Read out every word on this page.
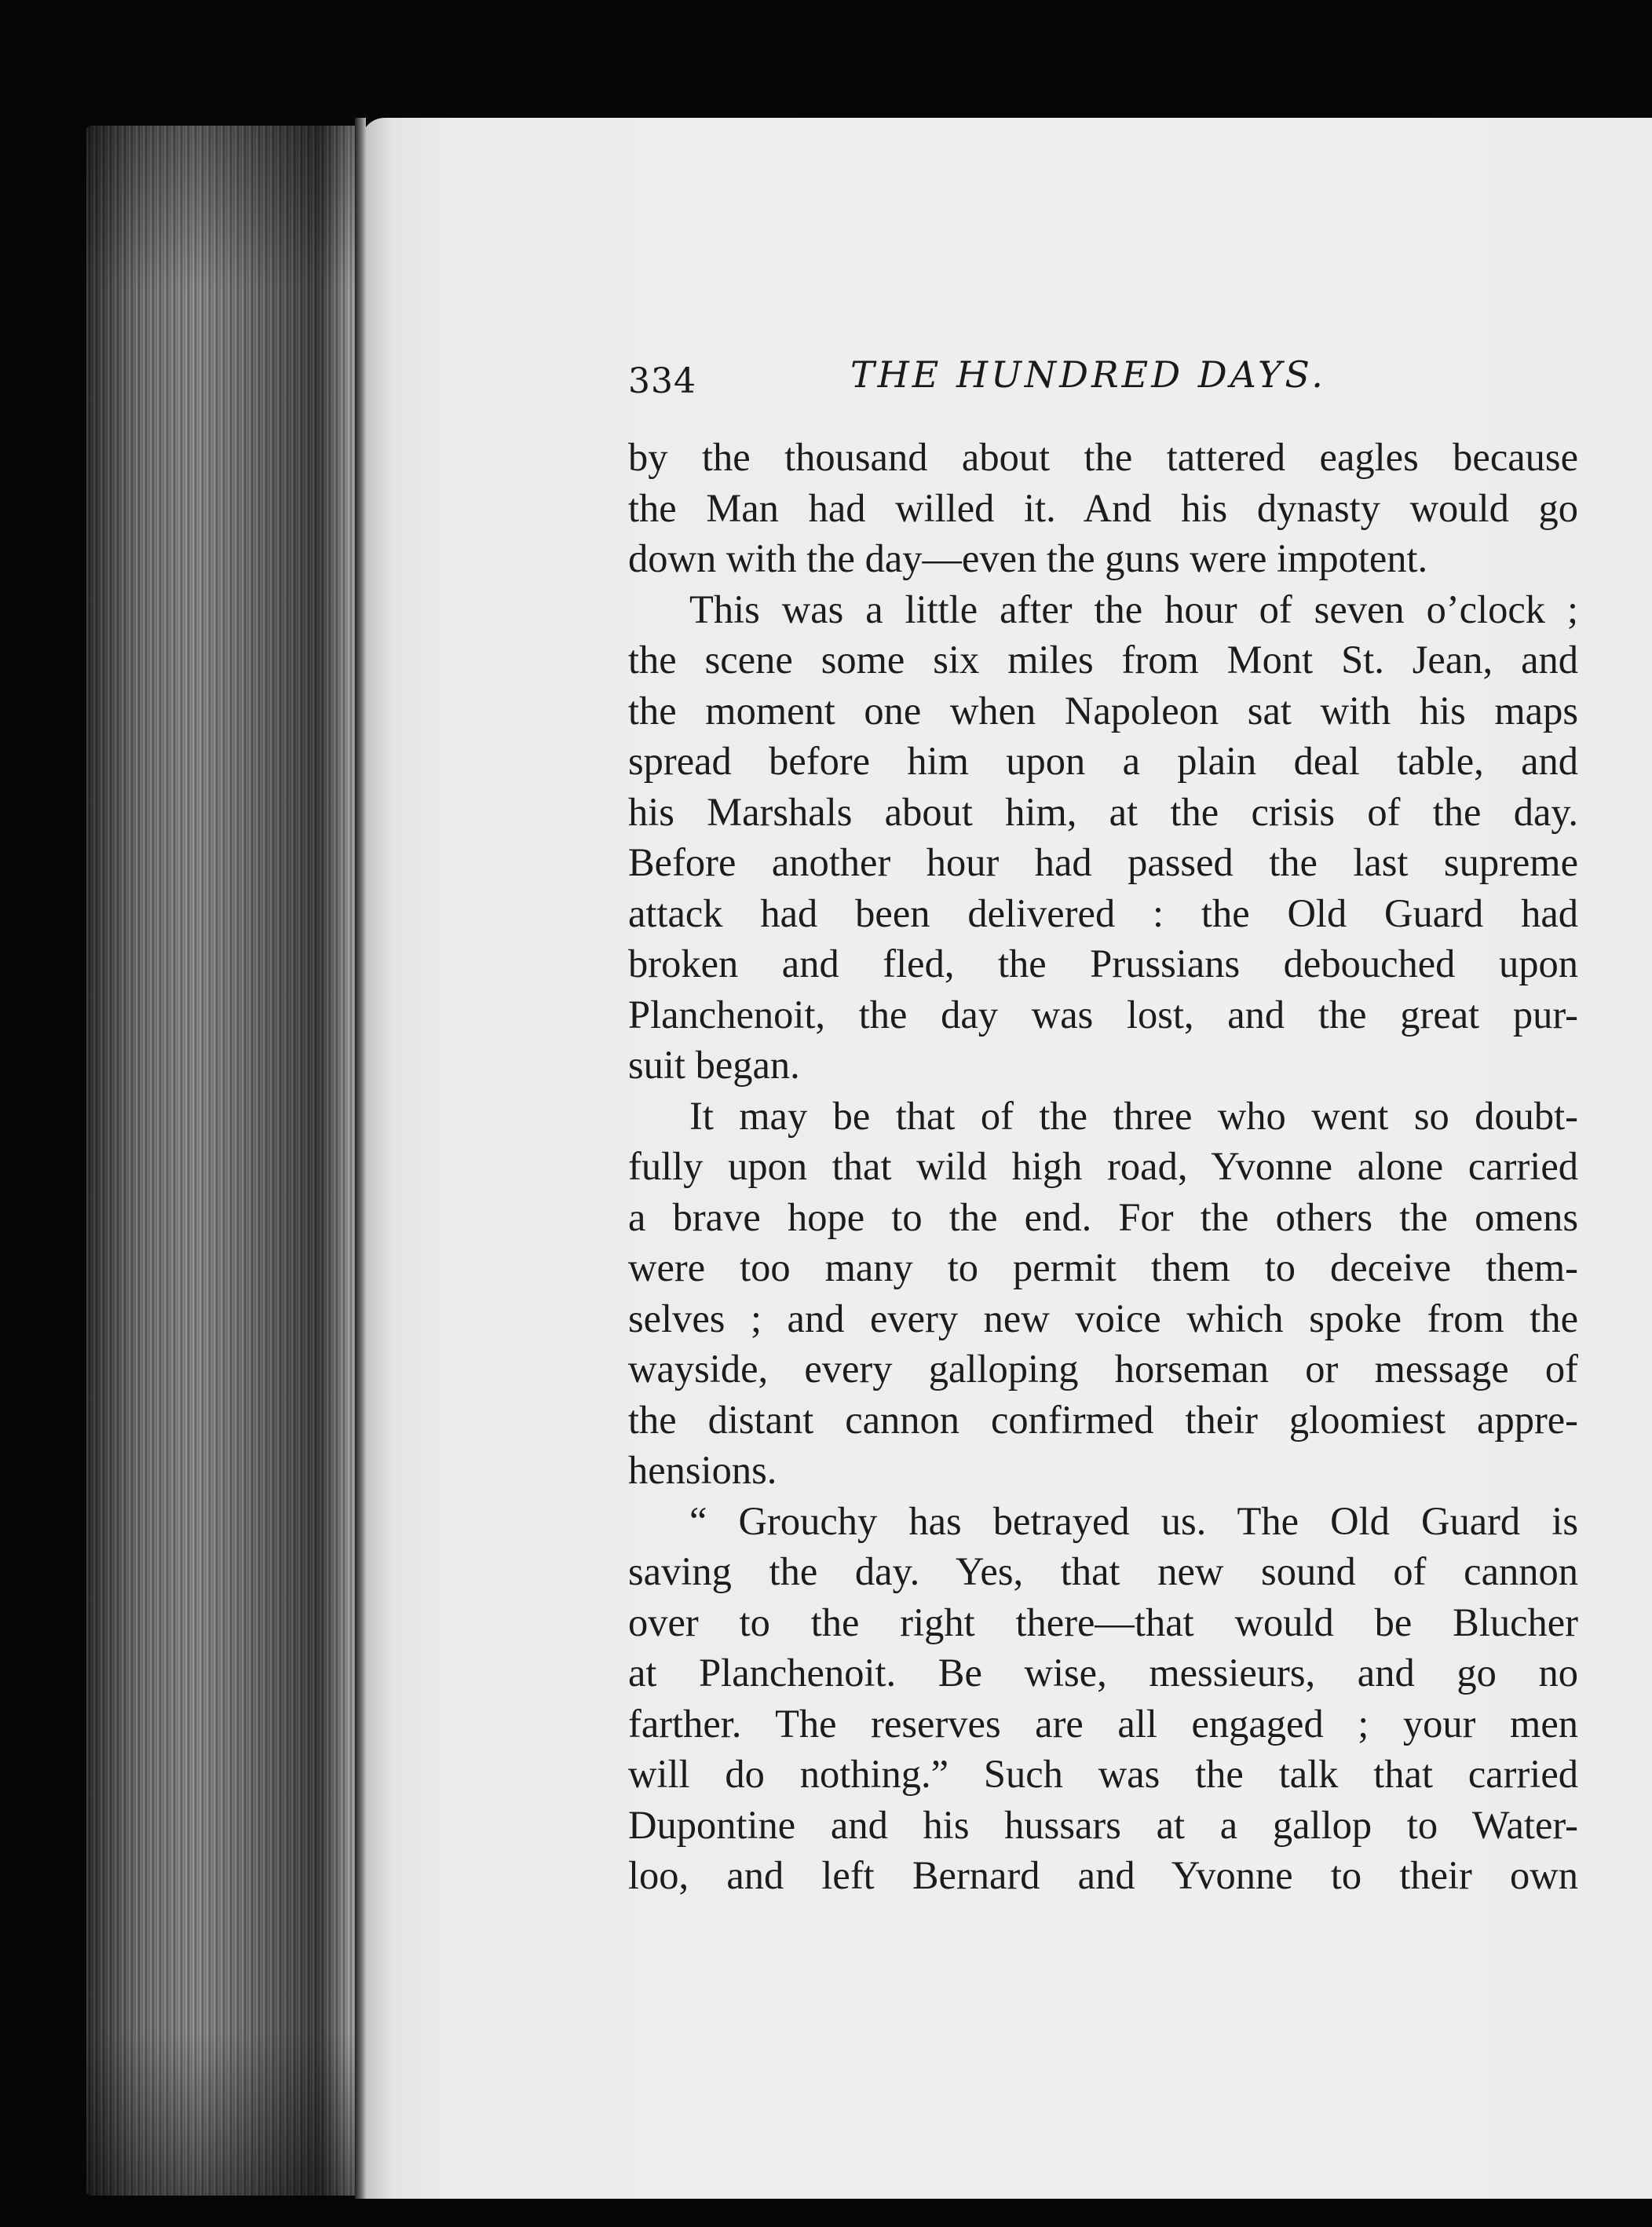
334	THE HUNDRED DAYS.
by the thousand about the tattered eagles because
the Man had willed it. And his dynasty would go
down with the day—even the guns were impotent.
This was a little after the hour of seven o’clock ;
the scene some six miles from Mont St. Jean, and
the moment one when Napoleon sat with his maps
spread before him upon a plain deal table, and
his Marshals about him, at the crisis of the day.
Before another hour had passed the last supreme
attack had been delivered : the Old Guard had
broken and fled, the Prussians debouched upon
Planchenoit, the day was lost, and the great pur-
suit began.
It may be that of the three who went so doubt-
fully upon that wild high road, Yvonne alone carried
a brave hope to the end. For the others the omens
were too many to permit them to deceive them-
selves ; and every new voice which spoke from the
wayside, every galloping horseman or message of
the distant cannon confirmed their gloomiest appre-
hensions.
“ Grouchy has betrayed us. The Old Guard is
saving the day. Yes, that new sound of cannon
over to the right there—that would be Blucher
at Planchenoit. Be wise, messieurs, and go no
farther. The reserves are all engaged ; your men
will do nothing.” Such was the talk that carried
Dupontine and his hussars at a gallop to Water-
loo, and left Bernard and Yvonne to their own
